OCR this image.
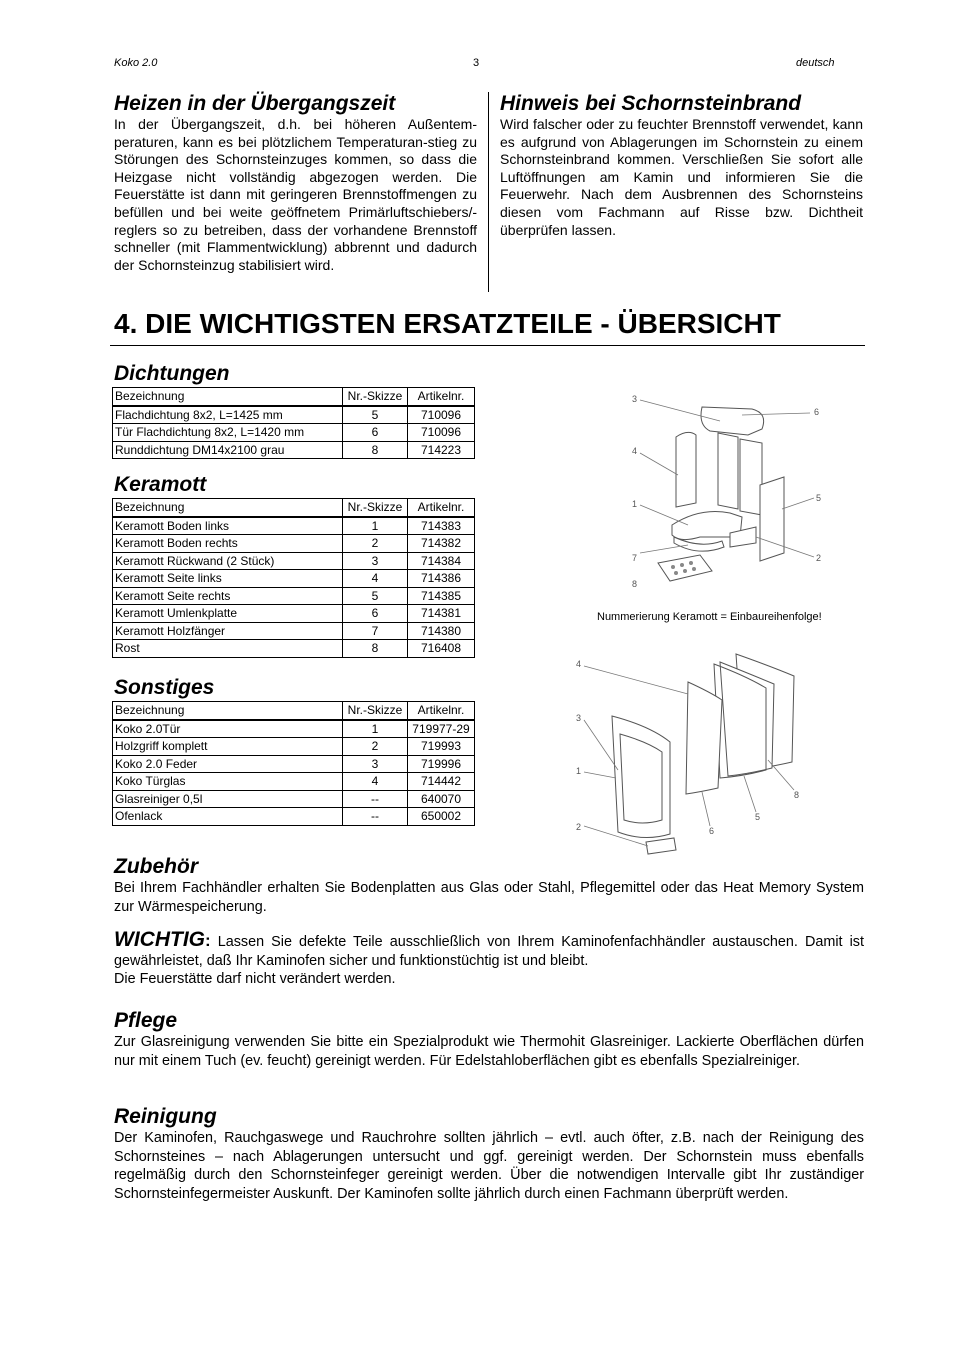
Koko 2.0	3	deutsch
Heizen in der Übergangszeit

In der Übergangszeit, d.h. bei höheren Außentem-peraturen, kann es bei plötzlichem Temperaturan-stieg zu Störungen des Schornsteinzuges kommen, so dass die Heizgase nicht vollständig abgezogen werden. Die Feuerstätte ist dann mit geringeren Brennstoffmengen zu befüllen und bei weite geöffnetem Primärluftschiebers/-reglers so zu betreiben, dass der vorhandene Brennstoff schneller (mit Flammentwicklung) abbrennt und dadurch der Schornsteinzug stabilisiert wird.

Hinweis bei Schornsteinbrand

Wird falscher oder zu feuchter Brennstoff verwendet, kann es aufgrund von Ablagerungen im Schornstein zu einem Schornsteinbrand kommen. Verschließen Sie sofort alle Luftöffnungen am Kamin und informieren Sie die Feuerwehr. Nach dem Ausbrennen des Schornsteins diesen vom Fachmann auf Risse bzw. Dichtheit überprüfen lassen.

4. DIE WICHTIGSTEN ERSATZTEILE - ÜBERSICHT
Dichtungen
Bezeichnung	Nr.-Skizze	Artikelnr.
Flachdichtung 8x2, L=1425 mm	5	710096
Tür Flachdichtung 8x2, L=1420 mm	6	710096
Runddichtung DM14x2100 grau	8	714223
Keramott
Bezeichnung	Nr.-Skizze	Artikelnr.
Keramott Boden links	1	714383
Keramott Boden rechts	2	714382
Keramott Rückwand (2 Stück)	3	714384
Keramott Seite links	4	714386
Keramott Seite rechts	5	714385
Keramott Umlenkplatte	6	714381
Keramott Holzfänger	7	714380
Rost	8	716408
Sonstiges
Bezeichnung	Nr.-Skizze	Artikelnr.
Koko 2.0Tür	1	719977-29
Holzgriff komplett	2	719993
Koko 2.0 Feder	3	719996
Koko Türglas	4	714442
Glasreiniger 0,5l	--	640070
Ofenlack	--	650002
3
6
4
1
5
7	2
8
Nummerierung Keramott = Einbaureihenfolge!
4
3
1
8
5
6
2
Zubehör

Bei Ihrem Fachhändler erhalten Sie Bodenplatten aus Glas oder Stahl, Pflegemittel oder das Heat Memory System zur Wärmespeicherung.

WICHTIG: Lassen Sie defekte Teile ausschließlich von Ihrem Kaminofenfachhändler austauschen. Damit ist gewährleistet, daß Ihr Kaminofen sicher und funktionstüchtig ist und bleibt.

Die Feuerstätte darf nicht verändert werden.

Pflege

Zur Glasreinigung verwenden Sie bitte ein Spezialprodukt wie Thermohit Glasreiniger. Lackierte Oberflächen dürfen nur mit einem Tuch (ev. feucht) gereinigt werden. Für Edelstahloberflächen gibt es ebenfalls Spezialreiniger.

Reinigung

Der Kaminofen, Rauchgaswege und Rauchrohre sollten jährlich – evtl. auch öfter, z.B. nach der Reinigung des Schornsteines – nach Ablagerungen untersucht und ggf. gereinigt werden. Der Schornstein muss ebenfalls regelmäßig durch den Schornsteinfeger gereinigt werden. Über die notwendigen Intervalle gibt Ihr zuständiger Schornsteinfegermeister Auskunft. Der Kaminofen sollte jährlich durch einen Fachmann überprüft werden.
